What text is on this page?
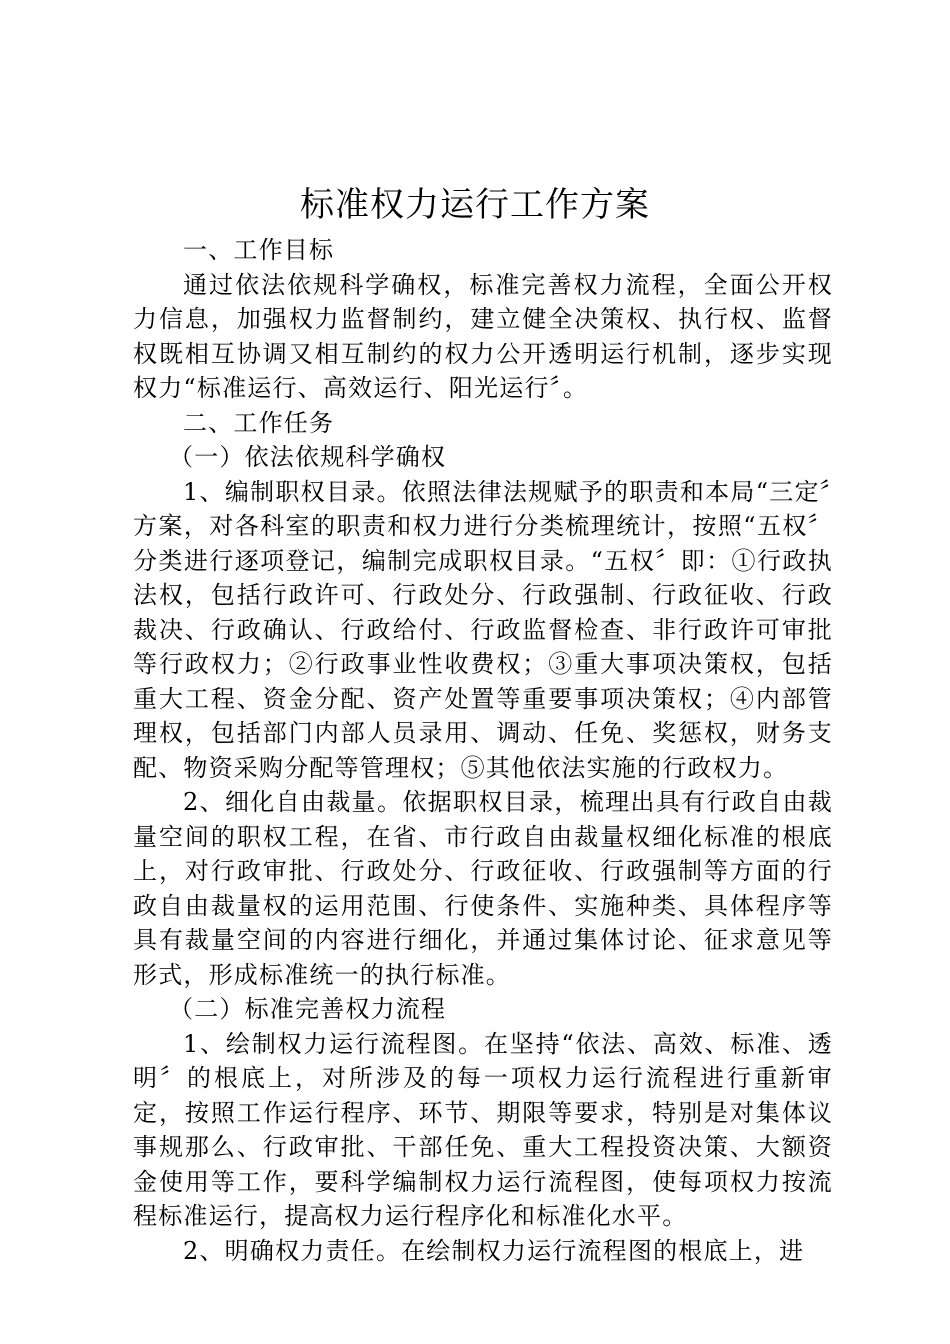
标准权力运行工作方案

一、工作目标

通过依法依规科学确权，标准完善权力流程，全面公开权力信息，加强权力监督制约，建立健全决策权、执行权、监督权既相互协调又相互制约的权力公开透明运行机制，逐步实现权力“标准运行、高效运行、阳光运行〞。

二、工作任务

（一）依法依规科学确权

1、编制职权目录。依照法律法规赋予的职责和本局“三定〞方案，对各科室的职责和权力进行分类梳理统计，按照“五权〞分类进行逐项登记，编制完成职权目录。“五权〞即：①行政执法权，包括行政许可、行政处分、行政强制、行政征收、行政裁决、行政确认、行政给付、行政监督检查、非行政许可审批等行政权力；②行政事业性收费权；③重大事项决策权，包括重大工程、资金分配、资产处置等重要事项决策权；④内部管理权，包括部门内部人员录用、调动、任免、奖惩权，财务支配、物资采购分配等管理权；⑤其他依法实施的行政权力。

2、细化自由裁量。依据职权目录，梳理出具有行政自由裁量空间的职权工程，在省、市行政自由裁量权细化标准的根底上，对行政审批、行政处分、行政征收、行政强制等方面的行政自由裁量权的运用范围、行使条件、实施种类、具体程序等具有裁量空间的内容进行细化，并通过集体讨论、征求意见等形式，形成标准统一的执行标准。

（二）标准完善权力流程

1、绘制权力运行流程图。在坚持“依法、高效、标准、透明〞的根底上，对所涉及的每一项权力运行流程进行重新审定，按照工作运行程序、环节、期限等要求，特别是对集体议事规那么、行政审批、干部任免、重大工程投资决策、大额资金使用等工作，要科学编制权力运行流程图，使每项权力按流程标准运行，提高权力运行程序化和标准化水平。

2、明确权力责任。在绘制权力运行流程图的根底上，进
